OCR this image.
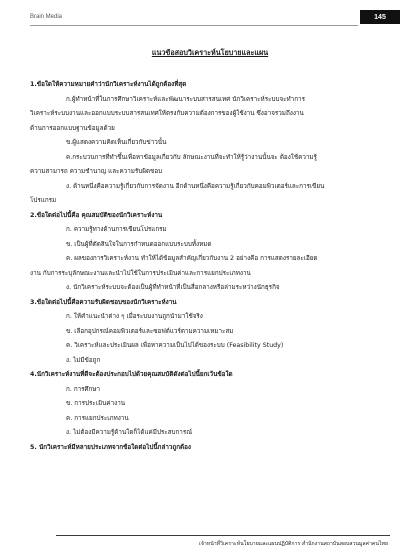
Brain Media	145
แนวข้อสอบวิเคราะห์นโยบายและแผน

1.ข้อใดให้ความหมายคำว่านักวิเคราะห์งานได้ถูกต้องที่สุด

ก.ผู้ทำหน้าที่ในการศึกษาวิเคราะห์และพัฒนาระบบสารสนเทศ นักวิเคราะห์ระบบจะทำการ

วิเคราะห์ระบบงานและออกแบบระบบสารสนเทศให้ตรงกับความต้องการของผู้ใช้งาน ซึ่งอาจรวมถึงงาน

ด้านการออกแบบฐานข้อมูลด้วย

ข.ผู้แสดงความคิดเห็นเกี่ยวกับข่าวนั้น

ค.กระบวนการที่ทำขึ้นเพื่อหาข้อมูลเกี่ยวกับ ลักษณะงานที่จะทำให้รู้ว่างานนั้นจะ ต้องใช้ความรู้

ความสามารถ ความชำนาญ และความรับผิดชอบ

ง. ด้านหนึ่งคือความรู้เกี่ยวกับการจัดงาน อีกด้านหนึ่งคือความรู้เกี่ยวกับคอมพิวเตอร์และการเขียน

โปรแกรม

2.ข้อใดต่อไปนี้คือ คุณสมบัติของนักวิเคราะห์งาน

ก. ความรู้ทางด้านการเขียนโปรแกรม

ข. เป็นผู้ที่ตัดสินใจในการกำหนดออกแบบระบบทั้งหมด

ค. ผลของการวิเคราะห์งาน ทำให้ได้ข้อมูลสำคัญเกี่ยวกับงาน 2 อย่างคือ การแสดงรายละเอียด

งาน กับการระบุลักษณะงานและนำไปใช้ในการประเมินค่าและการแยกประเภทงาน

ง. นักวิเคราะห์ระบบจะต้องเป็นผู้ที่ทำหน้าที่เป็นสื่อกลางหรือล่ามระหว่างนักธุรกิจ

3.ข้อใดต่อไปนี้คือความรับผิดชอบของนักวิเคราะห์งาน

ก. ให้คำแนะนำต่าง ๆ เมื่อระบบงานถูกนำมาใช้จริง

ข. เลือกอุปกรณ์คอมพิวเตอร์และซอฟต์แวร์ตามความเหมาะสม

ค. วิเคราะห์และประเมินผล เพื่อหาความเป็นไปได้ของระบบ (Feasibility Study)

ง. ไม่มีข้อถูก

4.นักวิเคราะห์งานที่ดีจะต้องประกอบไปด้วยคุณสมบัติดังต่อไปนี้ยกเว้นข้อใด

ก. การศึกษา

ข. การประเมินค่างาน

ค. การแยกประเภทงาน

ง. ไม่ต้องมีความรู้ด้านใดก็ได้แค่มีประสบการณ์

5. นักวิเคราะห์มีหลายประเภทจากข้อใดต่อไปนี้กล่าวถูกต้อง

เจ้าหน้าที่วิเคราะห์นโยบายและแผนปฏิบัติการ สำนักงานสถาบันสอบสวนมูลค่าคนไทย
